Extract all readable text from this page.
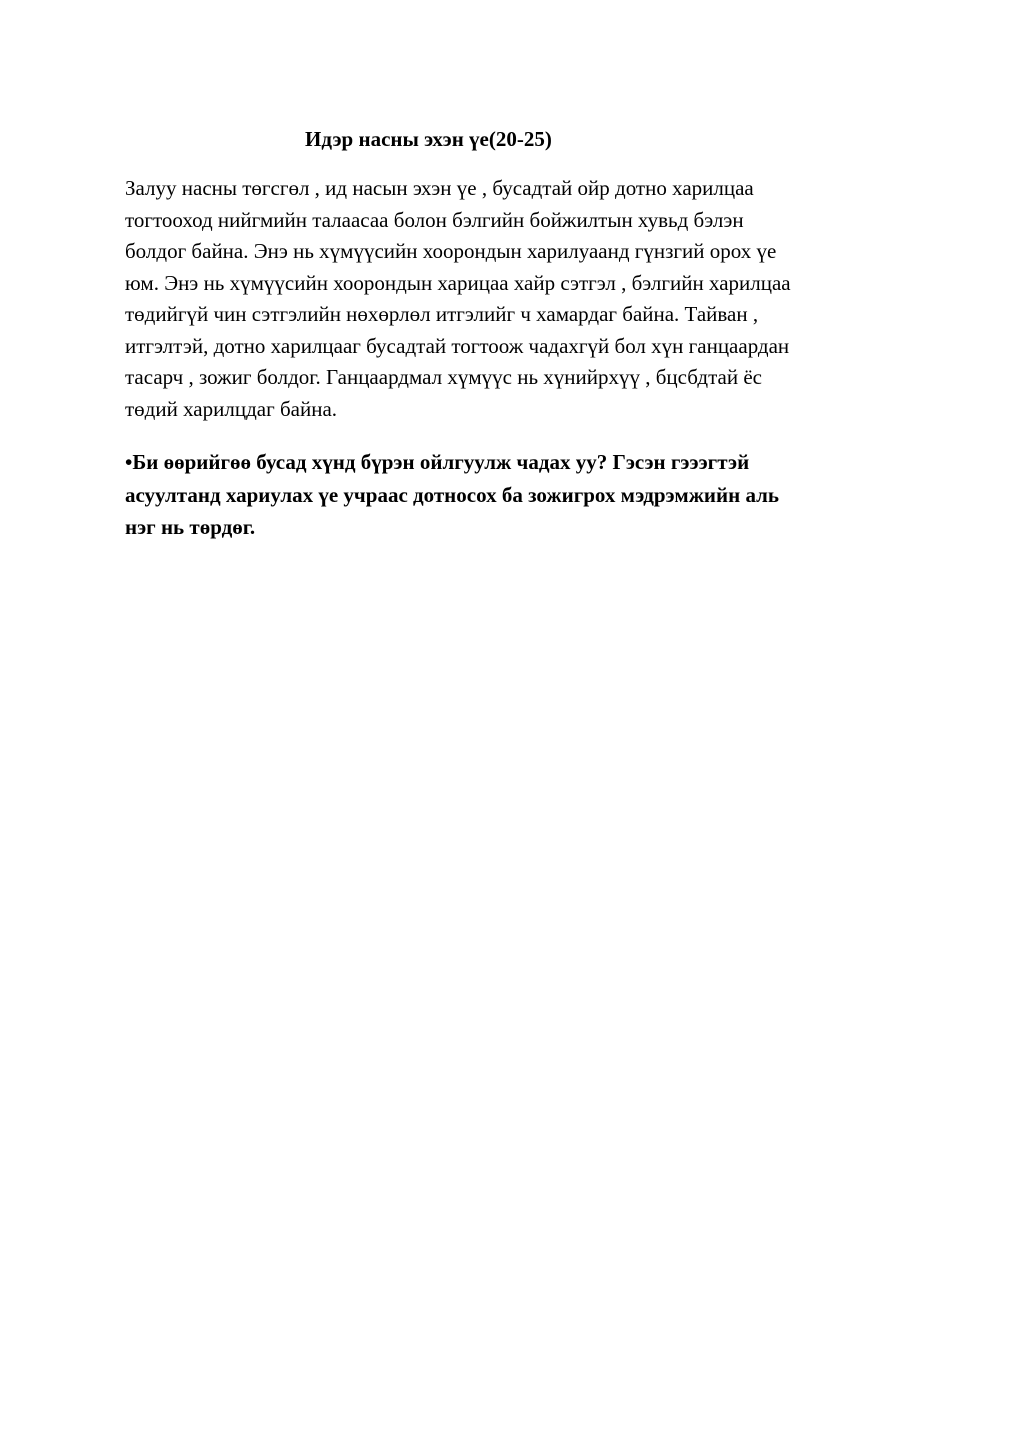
Идэр насны эхэн үе(20-25)

Залуу насны төгсгөл , ид насын эхэн үе , бусадтай ойр дотно харилцаа
тогтооход нийгмийн талаасаа болон бэлгийн бойжилтын хувьд бэлэн
болдог байна. Энэ нь хүмүүсийн хоорондын харилуаанд гүнзгий орох үе
юм. Энэ нь хүмүүсийн хоорондын харицаа хайр сэтгэл , бэлгийн харилцаа
төдийгүй чин сэтгэлийн нөхөрлөл итгэлийг ч хамардаг байна. Тайван ,
итгэлтэй, дотно харилцааг бусадтай тогтоож чадахгүй бол хүн ганцаардан
тасарч , зожиг болдог. Ганцаардмал хүмүүс нь хүнийрхүү , бцсбдтай ёс
төдий харилцдаг байна.

•Би өөрийгөө бусад хүнд бүрэн ойлгуулж чадах уу? Гэсэн гэээгтэй
асуултанд хариулах үе учраас дотносох ба зожигрох мэдрэмжийн аль
нэг нь төрдөг.
